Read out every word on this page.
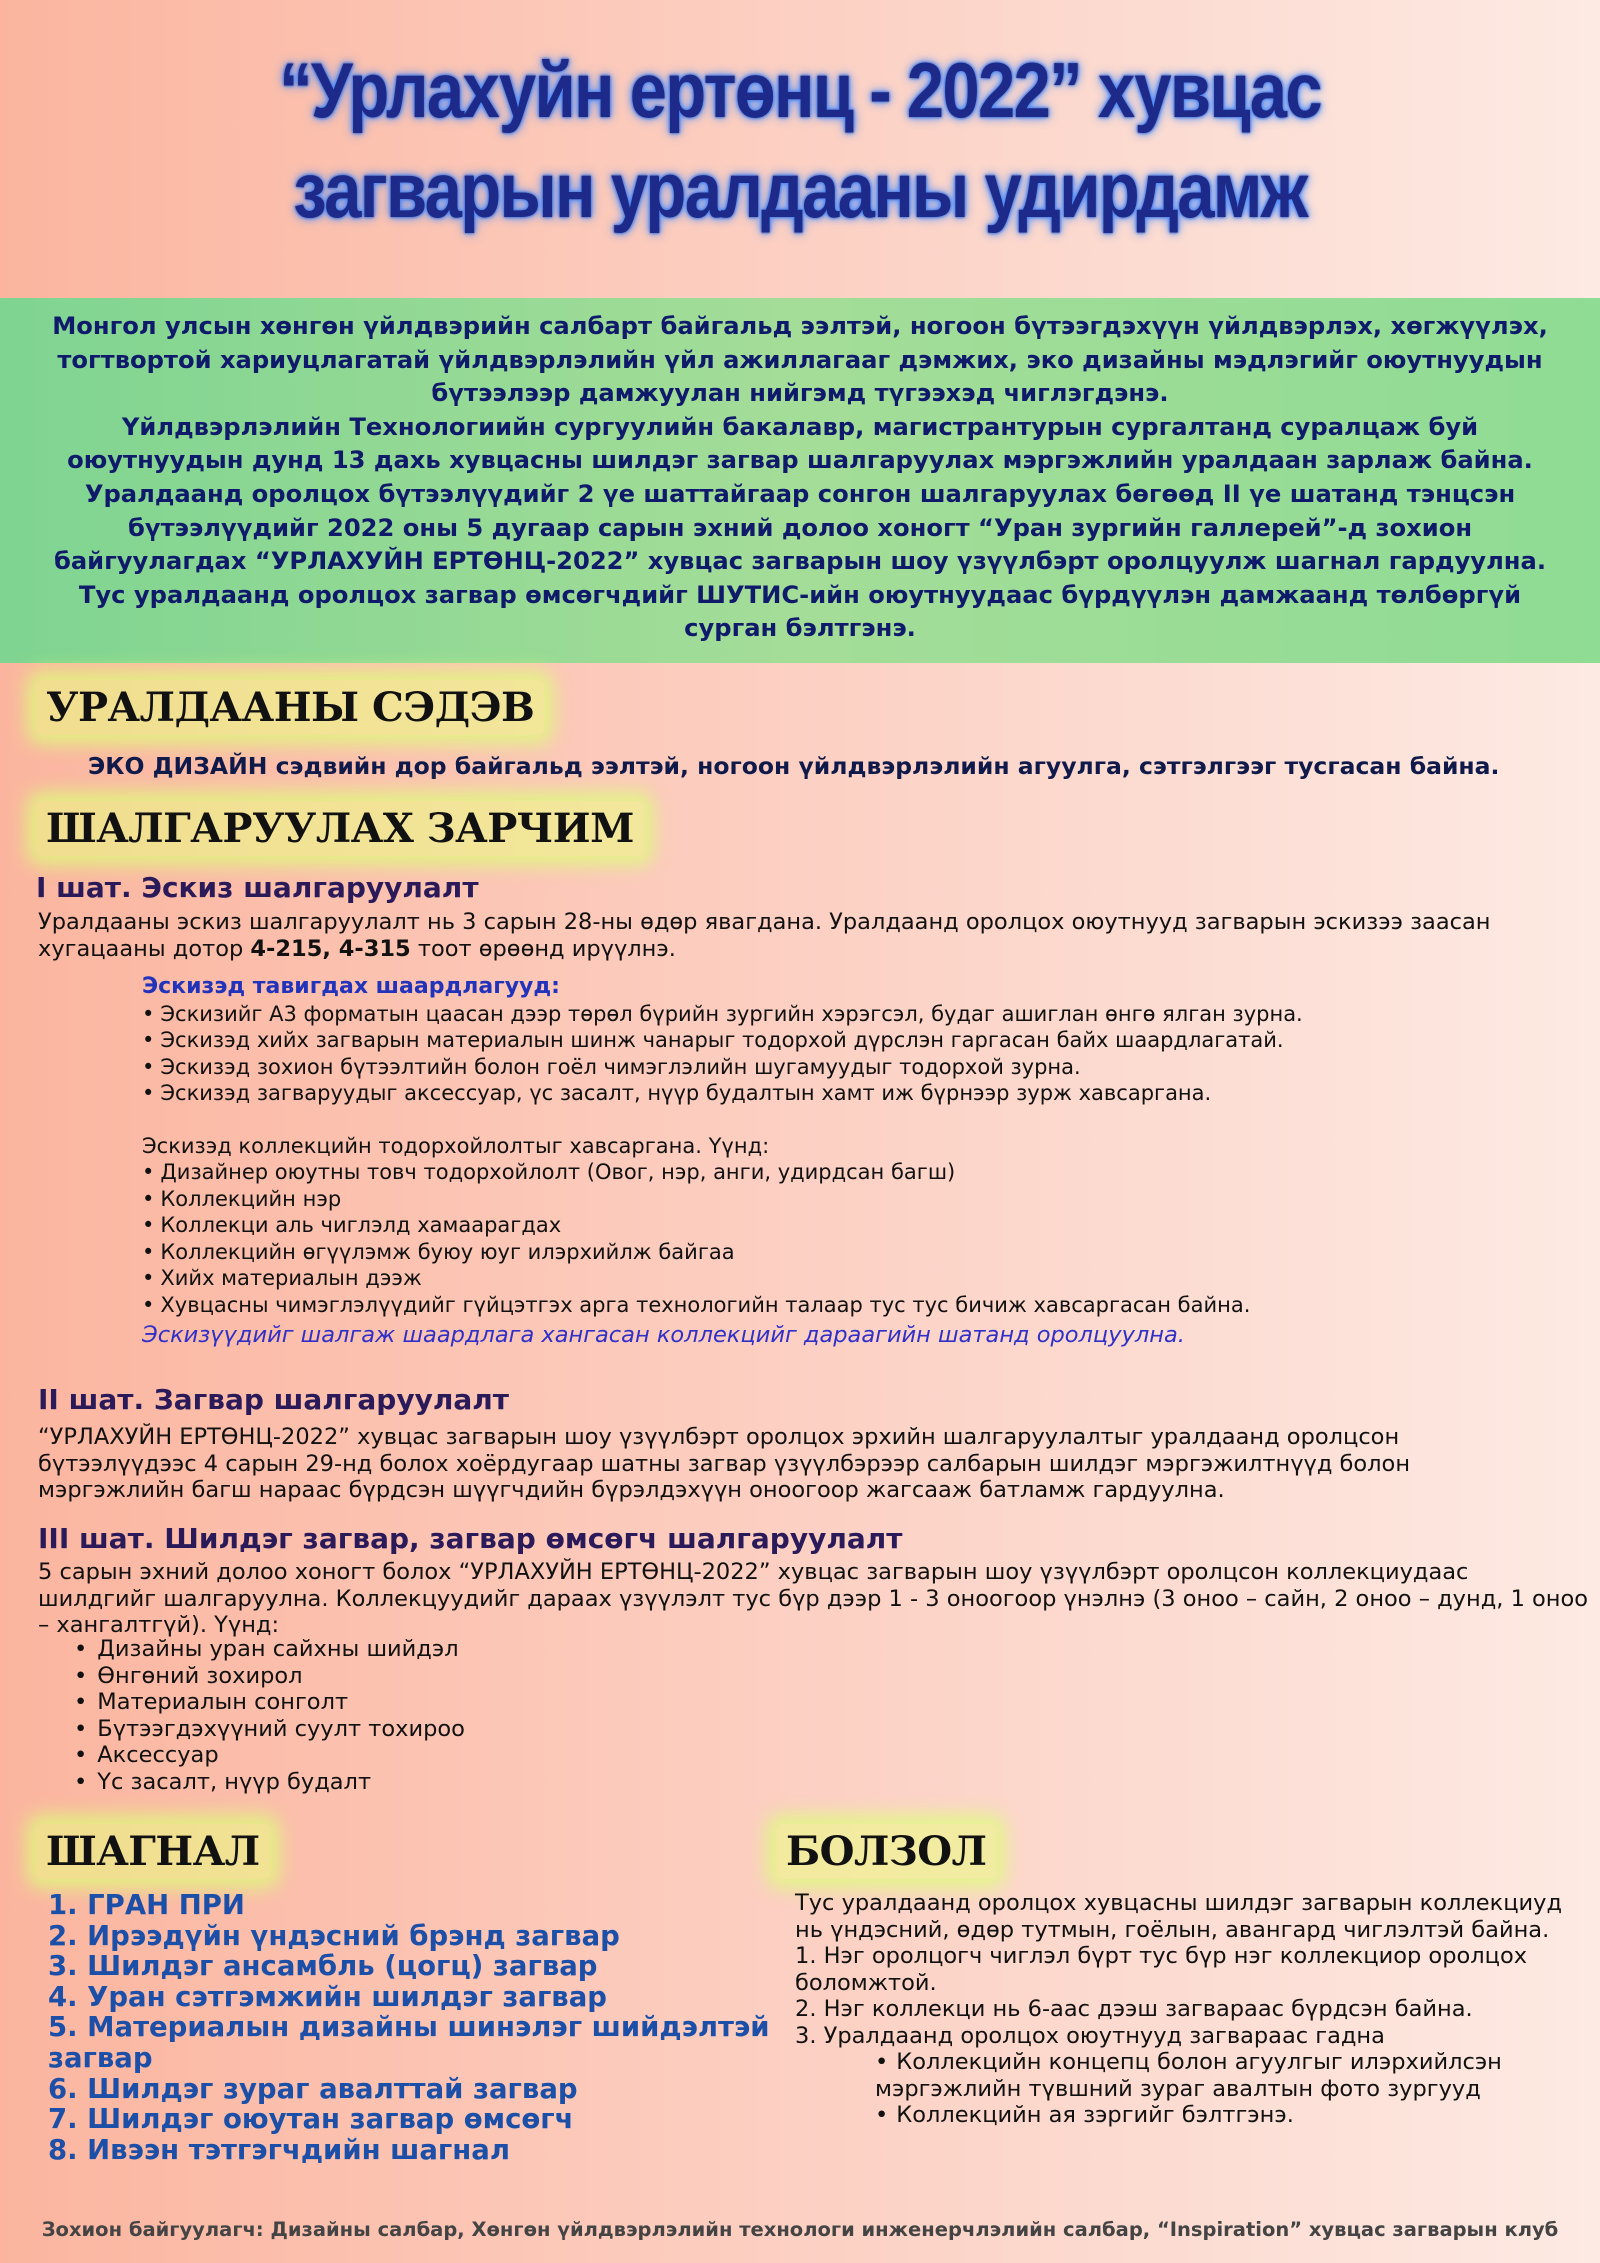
“Урлахуйн ертөнц - 2022” хувцас
загварын уралдааны удирдамж

Монгол улсын хөнгөн үйлдвэрийн салбарт байгальд ээлтэй, ногоон бүтээгдэхүүн үйлдвэрлэх, хөгжүүлэх, тогтвортой хариуцлагатай үйлдвэрлэлийн үйл ажиллагааг дэмжих, эко дизайны мэдлэгийг оюутнуудын бүтээлээр дамжуулан нийгэмд түгээхэд чиглэгдэнэ.

Үйлдвэрлэлийн Технологиийн сургуулийн бакалавр, магистрантурын сургалтанд суралцаж буй оюутнуудын дунд 13 дахь хувцасны шилдэг загвар шалгаруулах мэргэжлийн уралдаан зарлаж байна. Уралдаанд оролцох бүтээлүүдийг 2 үе шаттайгаар сонгон шалгаруулах бөгөөд II үе шатанд тэнцсэн бүтээлүүдийг 2022 оны 5 дугаар сарын эхний долоо хоногт “Уран зургийн галлерей”-д зохион байгуулагдах “УРЛАХУЙН ЕРТӨНЦ-2022” хувцас загварын шоу үзүүлбэрт оролцуулж шагнал гардуулна. Тус уралдаанд оролцох загвар өмсөгчдийг ШУТИС-ийн оюутнуудаас бүрдүүлэн дамжаанд төлбөргүй сурган бэлтгэнэ.

УРАЛДААНЫ СЭДЭВ
ЭКО ДИЗАЙН сэдвийн дор байгальд ээлтэй, ногоон үйлдвэрлэлийн агуулга, сэтгэлгээг тусгасан байна.
ШАЛГАРУУЛАХ ЗАРЧИМ
I шат. Эскиз шалгаруулалт
Уралдааны эскиз шалгаруулалт нь 3 сарын 28-ны өдөр явагдана. Уралдаанд оролцох оюутнууд загварын эскизээ заасан хугацааны дотор 4-215, 4-315 тоот өрөөнд ирүүлнэ.
Эскизэд тавигдах шаардлагууд:
• Эскизийг А3 форматын цаасан дээр төрөл бүрийн зургийн хэрэгсэл, будаг ашиглан өнгө ялган зурна.
• Эскизэд хийх загварын материалын шинж чанарыг тодорхой дүрслэн гаргасан байх шаардлагатай.
• Эскизэд зохион бүтээлтийн болон гоёл чимэглэлийн шугамуудыг тодорхой зурна.
• Эскизэд загваруудыг аксессуар, үс засалт, нүүр будалтын хамт иж бүрнээр зурж хавсаргана.
Эскизэд коллекцийн тодорхойлолтыг хавсаргана. Үүнд:
• Дизайнер оюутны товч тодорхойлолт (Овог, нэр, анги, удирдсан багш)
• Коллекцийн нэр
• Коллекци аль чиглэлд хамаарагдах
• Коллекцийн өгүүлэмж буюу юуг илэрхийлж байгаа
• Хийх материалын дээж
• Хувцасны чимэглэлүүдийг гүйцэтгэх арга технологийн талаар тус тус бичиж хавсаргасан байна.
Эскизүүдийг шалгаж шаардлага хангасан коллекцийг дараагийн шатанд оролцуулна.
II шат. Загвар шалгаруулалт
“УРЛАХУЙН ЕРТӨНЦ-2022” хувцас загварын шоу үзүүлбэрт оролцох эрхийн шалгаруулалтыг уралдаанд оролцсон бүтээлүүдээс 4 сарын 29-нд болох хоёрдугаар шатны загвар үзүүлбэрээр салбарын шилдэг мэргэжилтнүүд болон мэргэжлийн багш нараас бүрдсэн шүүгчдийн бүрэлдэхүүн оноогоор жагсааж батламж гардуулна.
III шат. Шилдэг загвар, загвар өмсөгч шалгаруулалт
5 сарын эхний долоо хоногт болох “УРЛАХУЙН ЕРТӨНЦ-2022” хувцас загварын шоу үзүүлбэрт оролцсон коллекциудаас шилдгийг шалгаруулна. Коллекцуудийг дараах үзүүлэлт тус бүр дээр 1 - 3 оноогоор үнэлнэ (3 оноо – сайн, 2 оноо – дунд, 1 оноо – хангалтгүй). Үүнд:
• Дизайны уран сайхны шийдэл
• Өнгөний зохирол
• Материалын сонголт
• Бүтээгдэхүүний суулт тохироо
• Аксессуар
• Үс засалт, нүүр будалт
ШАГНАЛ
1. ГРАН ПРИ
2. Ирээдүйн үндэсний брэнд загвар
3. Шилдэг ансамбль (цогц) загвар
4. Уран сэтгэмжийн шилдэг загвар
5. Материалын дизайны шинэлэг шийдэлтэй загвар
6. Шилдэг зураг авалттай загвар
7. Шилдэг оюутан загвар өмсөгч
8. Ивээн тэтгэгчдийн шагнал
БОЛЗОЛ
Тус уралдаанд оролцох хувцасны шилдэг загварын коллекциуд нь үндэсний, өдөр тутмын, гоёлын, авангард чиглэлтэй байна.
1. Нэг оролцогч чиглэл бүрт тус бүр нэг коллекциор оролцох боломжтой.
2. Нэг коллекци нь 6-аас дээш загвараас бүрдсэн байна.
3. Уралдаанд оролцох оюутнууд загвараас гадна
• Коллекцийн концепц болон агуулгыг илэрхийлсэн мэргэжлийн түвшний зураг авалтын фото зургууд
• Коллекцийн ая зэргийг бэлтгэнэ.
Зохион байгуулагч: Дизайны салбар, Хөнгөн үйлдвэрлэлийн технологи инженерчлэлийн салбар, “Inspiration” хувцас загварын клуб
